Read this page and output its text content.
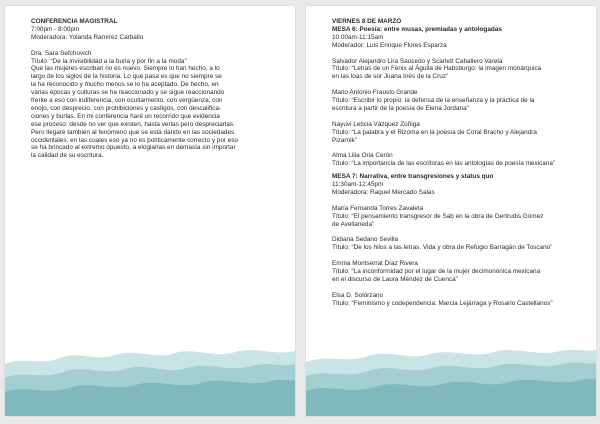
CONFERENCIA MAGISTRAL
7:00pm - 8:00pm
Moderadora: Yolanda Ramírez Carballo
Dra. Sara Sefchovich
Título: “De la invisibilidad a la burla y por fin a la moda”
Que las mujeres escriban no es nuevo. Siempre lo han hecho, a lo
largo de los siglos de la historia. Lo que pasa es que no siempre se
la ha reconocido y mucho menos se lo ha aceptado. De hecho, en
varias épocas y culturas se ha reaccionado y se sigue reaccionando
frente a eso con indiferencia, con ocultamiento, con vergüenza, con
enojo, con desprecio, con prohibiciones y castigos, con descalifica-
ciones y burlas. En mi conferencia haré un recorrido que evidencia
ese proceso: desde no ver que existen, hasta verlas pero despreciarlas.
Pero llegaré también al fenómeno que se está dando en las sociedades
occidentales, en las cuales eso ya no es políticamente correcto y por eso
se ha brincado al extremo opuesto, a elogiarlas en demasía sin importar
la calidad de su escritura.
VIERNES 8 DE MARZO
MESA 6: Poesía: entre musas, premiadas y antologadas
10:00am-11:15am
Moderador: Luis Enrique Flores Esparza
Salvador Alejandro Lira Saucedo y Scarlett Caballero Varela
Título: “Letras de un Fénix al Águila de Habsburgo: la imagen monárquica
en las loas de sor Juana Inés de la Cruz”
Mario Antonio Frausto Grande
Título: “Escribir lo propio: la defensa de la enseñanza y la práctica de la
escritura a partir de la poesía de Elena Jordana”
Nayuvi Leticia Vázquez Zúñiga
Título: “La palabra y el Rizoma en la poesía de Coral Bracho y Alejandra
Pizarnik”
Alma Lilia Oria Cerón
Título: “La importancia de las escritoras en las antologías de poesía mexicana”
MESA 7: Narrativa, entre transgresiones y status quo
11:30am-12:45pm
Moderadora: Raquel Mercado Salas
María Fernanda Torres Zavaleta
Título: “El pensamiento transgresor de Sab en la obra de Gertrudis Gómez
de Avellaneda”
Didiana Sedano Sevilla
Título: “De los hilos a las letras. Vida y obra de Refugio Barragán de Toscano”
Emma Montserrat Díaz Rivera
Título: “La inconformidad por el lugar de la mujer decimonónica mexicana
en el discurso de Laura Méndez de Cuenca”
Elsa D. Solórzano
Título: “Feminismo y codependencia: Marcia Lejárraga y Rosario Castellanos”
